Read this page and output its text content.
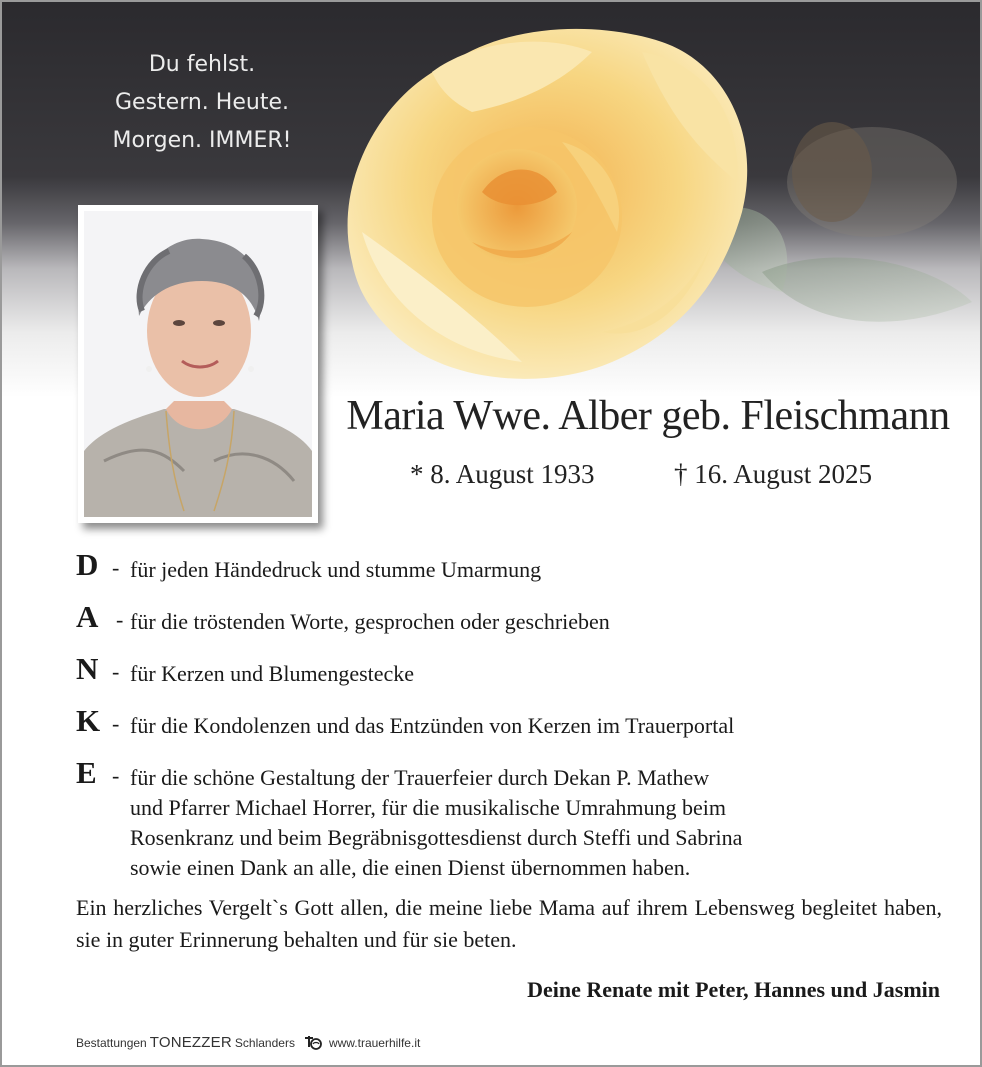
Du fehlst.
Gestern. Heute.
Morgen. IMMER!
Maria Wwe. Alber geb. Fleischmann
* 8. August 1933	† 16. August 2025
D - für jeden Händedruck und stumme Umarmung
A - für die tröstenden Worte, gesprochen oder geschrieben
N - für Kerzen und Blumengestecke
K - für die Kondolenzen und das Entzünden von Kerzen im Trauerportal
E - für die schöne Gestaltung der Trauerfeier durch Dekan P. Mathew
und Pfarrer Michael Horrer, für die musikalische Umrahmung beim
Rosenkranz und beim Begräbnisgottesdienst durch Steffi und Sabrina
sowie einen Dank an alle, die einen Dienst übernommen haben.
Ein herzliches Vergelt`s Gott allen, die meine liebe Mama auf ihrem Lebensweg begleitet haben, sie in guter Erinnerung behalten und für sie beten.
Deine Renate mit Peter, Hannes und Jasmin
Bestattungen TONEZZER Schlanders	www.trauerhilfe.it
